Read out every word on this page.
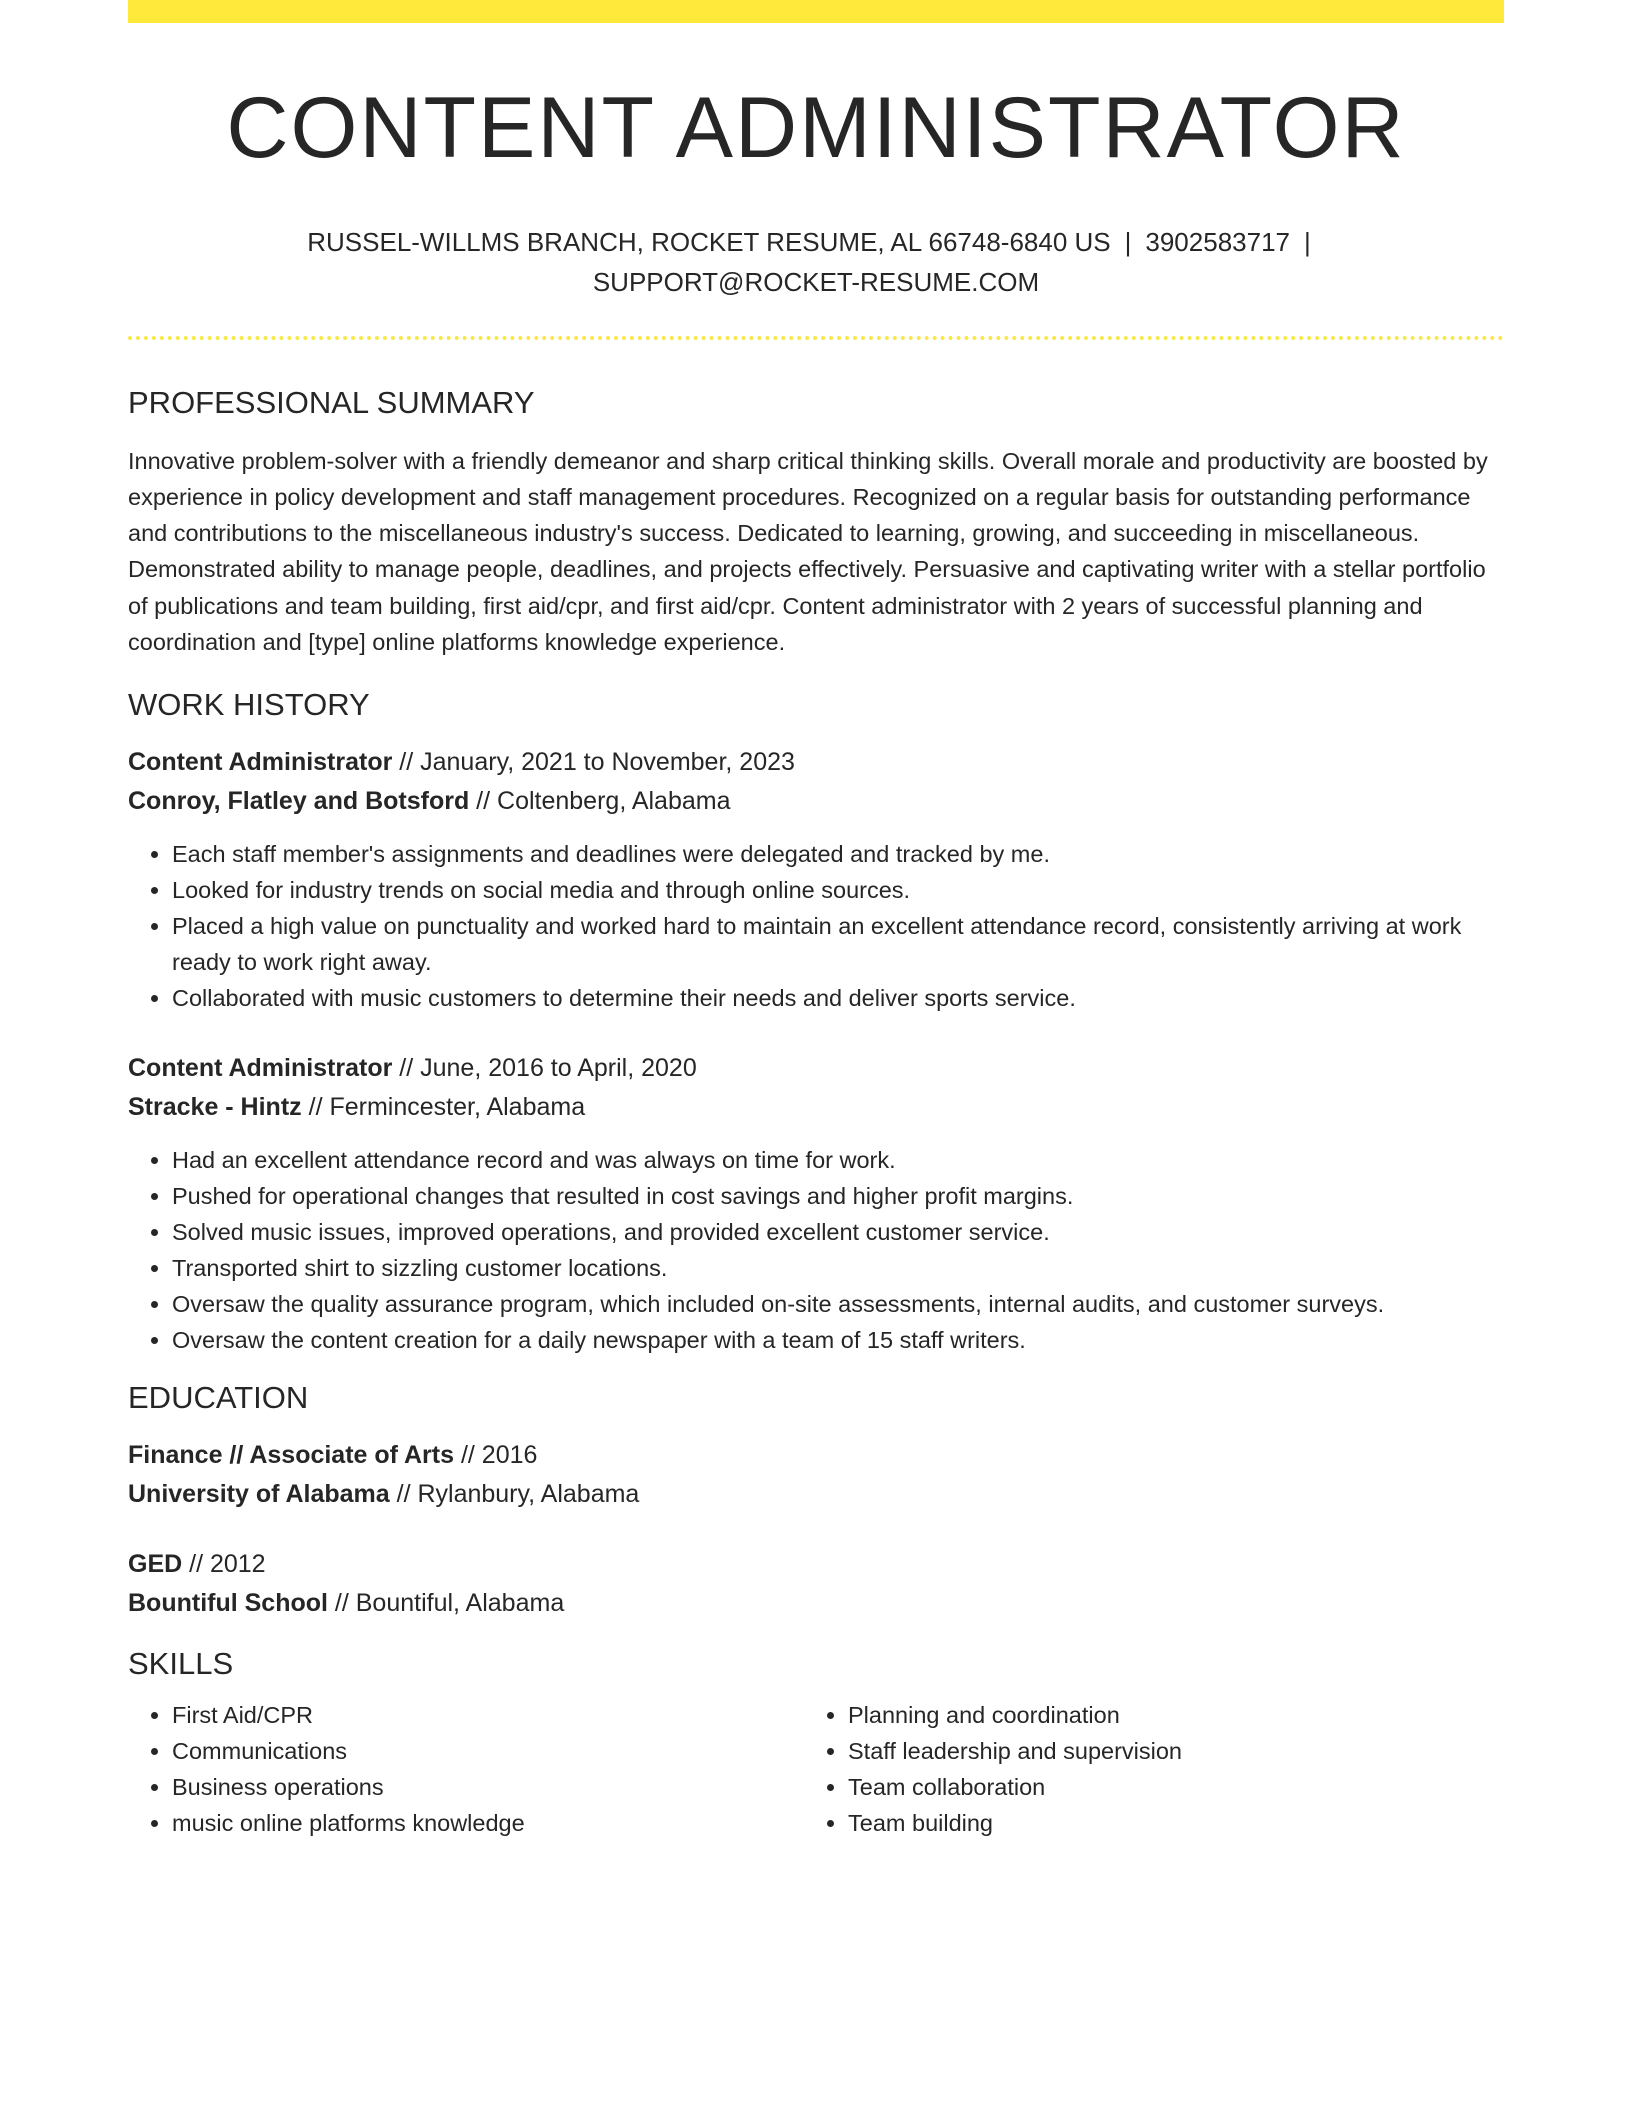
CONTENT ADMINISTRATOR
RUSSEL-WILLMS BRANCH, ROCKET RESUME, AL 66748-6840 US | 3902583717 |
SUPPORT@ROCKET-RESUME.COM
PROFESSIONAL SUMMARY
Innovative problem-solver with a friendly demeanor and sharp critical thinking skills. Overall morale and productivity are boosted by experience in policy development and staff management procedures. Recognized on a regular basis for outstanding performance and contributions to the miscellaneous industry's success. Dedicated to learning, growing, and succeeding in miscellaneous. Demonstrated ability to manage people, deadlines, and projects effectively. Persuasive and captivating writer with a stellar portfolio of publications and team building, first aid/cpr, and first aid/cpr. Content administrator with 2 years of successful planning and coordination and [type] online platforms knowledge experience.
WORK HISTORY
Content Administrator // January, 2021 to November, 2023
Conroy, Flatley and Botsford // Coltenberg, Alabama
• Each staff member's assignments and deadlines were delegated and tracked by me.
• Looked for industry trends on social media and through online sources.
• Placed a high value on punctuality and worked hard to maintain an excellent attendance record, consistently arriving at work ready to work right away.
• Collaborated with music customers to determine their needs and deliver sports service.
Content Administrator // June, 2016 to April, 2020
Stracke - Hintz // Fermincester, Alabama
• Had an excellent attendance record and was always on time for work.
• Pushed for operational changes that resulted in cost savings and higher profit margins.
• Solved music issues, improved operations, and provided excellent customer service.
• Transported shirt to sizzling customer locations.
• Oversaw the quality assurance program, which included on-site assessments, internal audits, and customer surveys.
• Oversaw the content creation for a daily newspaper with a team of 15 staff writers.
EDUCATION
Finance // Associate of Arts // 2016
University of Alabama // Rylanbury, Alabama
GED // 2012
Bountiful School // Bountiful, Alabama
SKILLS
• First Aid/CPR
• Communications
• Business operations
• music online platforms knowledge
• Planning and coordination
• Staff leadership and supervision
• Team collaboration
• Team building
